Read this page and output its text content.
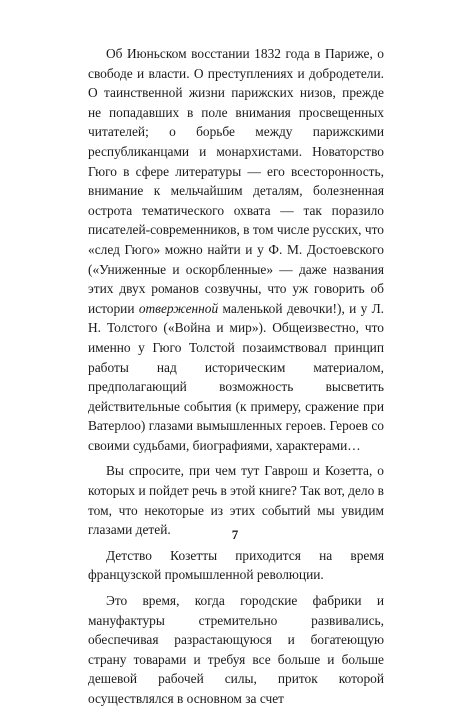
Об Июньском восстании 1832 года в Париже, о свободе и власти. О преступлениях и добродетели. О таинственной жизни парижских низов, прежде не попадавших в поле внимания просвещенных читателей; о борьбе между парижскими республиканцами и монархистами. Новаторство Гюго в сфере литературы — его всесторонность, внимание к мельчайшим деталям, болезненная острота тематического охвата — так поразило писателей-современников, в том числе русских, что «след Гюго» можно найти и у Ф. М. Достоевского («Униженные и оскорбленные» — даже названия этих двух романов созвучны, что уж говорить об истории отверженной маленькой девочки!), и у Л. Н. Толстого («Война и мир»). Общеизвестно, что именно у Гюго Толстой позаимствовал принцип работы над историческим материалом, предполагающий возможность высветить действительные события (к примеру, сражение при Ватерлоо) глазами вымышленных героев. Героев со своими судьбами, биографиями, характерами…

Вы спросите, при чем тут Гаврош и Козетта, о которых и пойдет речь в этой книге? Так вот, дело в том, что некоторые из этих событий мы увидим глазами детей.

Детство Козетты приходится на время французской промышленной революции.

Это время, когда городские фабрики и мануфактуры стремительно развивались, обеспечивая разрастающуюся и богатеющую страну товарами и требуя все больше и больше дешевой рабочей силы, приток которой осуществлялся в основном за счет

7
